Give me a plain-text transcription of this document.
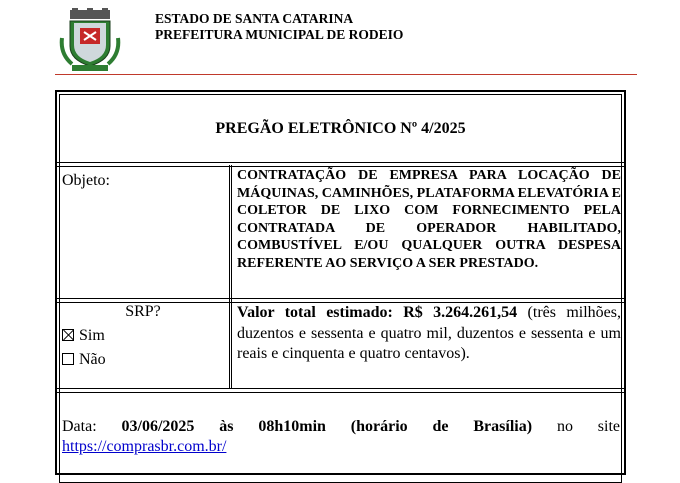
ESTADO DE SANTA CATARINA
PREFEITURA MUNICIPAL DE RODEIO
PREGÃO ELETRÔNICO Nº 4/2025
Objeto:	CONTRATAÇÃO DE EMPRESA PARA LOCAÇÃO DE MÁQUINAS, CAMINHÕES, PLATAFORMA ELEVATÓRIA E COLETOR DE LIXO COM FORNECIMENTO PELA CONTRATADA DE OPERADOR HABILITADO, COMBUSTÍVEL E/OU QUALQUER OUTRA DESPESA REFERENTE AO SERVIÇO A SER PRESTADO.
SRP?
Sim
Não
Valor total estimado: R$ 3.264.261,54 (três milhões, duzentos e sessenta e quatro mil, duzentos e sessenta e um reais e cinquenta e quatro centavos).
Data: 03/06/2025 às 08h10min (horário de Brasília) no site https://comprasbr.com.br/
